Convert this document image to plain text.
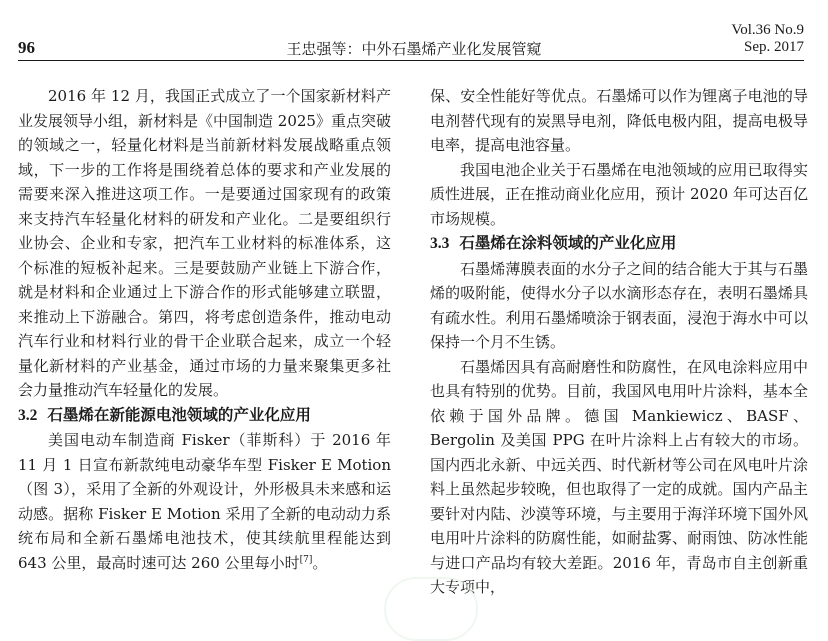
96	王忠强等：中外石墨烯产业化发展管窥
Vol.36 No.9
Sep. 2017

2016 年 12 月，我国正式成立了一个国家新材料产业发展领导小组，新材料是《中国制造 2025》重点突破的领域之一，轻量化材料是当前新材料发展战略重点领域，下一步的工作将是围绕着总体的要求和产业发展的需要来深入推进这项工作。一是要通过国家现有的政策来支持汽车轻量化材料的研发和产业化。二是要组织行业协会、企业和专家，把汽车工业材料的标准体系，这个标准的短板补起来。三是要鼓励产业链上下游合作，就是材料和企业通过上下游合作的形式能够建立联盟，来推动上下游融合。第四，将考虑创造条件，推动电动汽车行业和材料行业的骨干企业联合起来，成立一个轻量化新材料的产业基金，通过市场的力量来聚集更多社会力量推动汽车轻量化的发展。

3.2 石墨烯在新能源电池领域的产业化应用

美国电动车制造商 Fisker（菲斯科）于 2016 年 11 月 1 日宣布新款纯电动豪华车型 Fisker E Motion（图 3），采用了全新的外观设计，外形极具未来感和运动感。据称 Fisker E Motion 采用了全新的电动动力系统布局和全新石墨烯电池技术，使其续航里程能达到 643 公里，最高时速可达 260 公里每小时[7]。

保、安全性能好等优点。石墨烯可以作为锂离子电池的导电剂替代现有的炭黑导电剂，降低电极内阻，提高电极导电率，提高电池容量。

我国电池企业关于石墨烯在电池领域的应用已取得实质性进展，正在推动商业化应用，预计 2020 年可达百亿市场规模。

3.3 石墨烯在涂料领域的产业化应用

石墨烯薄膜表面的水分子之间的结合能大于其与石墨烯的吸附能，使得水分子以水滴形态存在，表明石墨烯具有疏水性。利用石墨烯喷涂于钢表面，浸泡于海水中可以保持一个月不生锈。

石墨烯因具有高耐磨性和防腐性，在风电涂料应用中也具有特别的优势。目前，我国风电用叶片涂料，基本全依赖于国外品牌。德国 Mankiewicz、BASF、Bergolin 及美国 PPG 在叶片涂料上占有较大的市场。国内西北永新、中远关西、时代新材等公司在风电叶片涂料上虽然起步较晚，但也取得了一定的成就。国内产品主要针对内陆、沙漠等环境，与主要用于海洋环境下国外风电用叶片涂料的防腐性能，如耐盐雾、耐雨蚀、防冰性能与进口产品均有较大差距。2016 年，青岛市自主创新重大专项中，
